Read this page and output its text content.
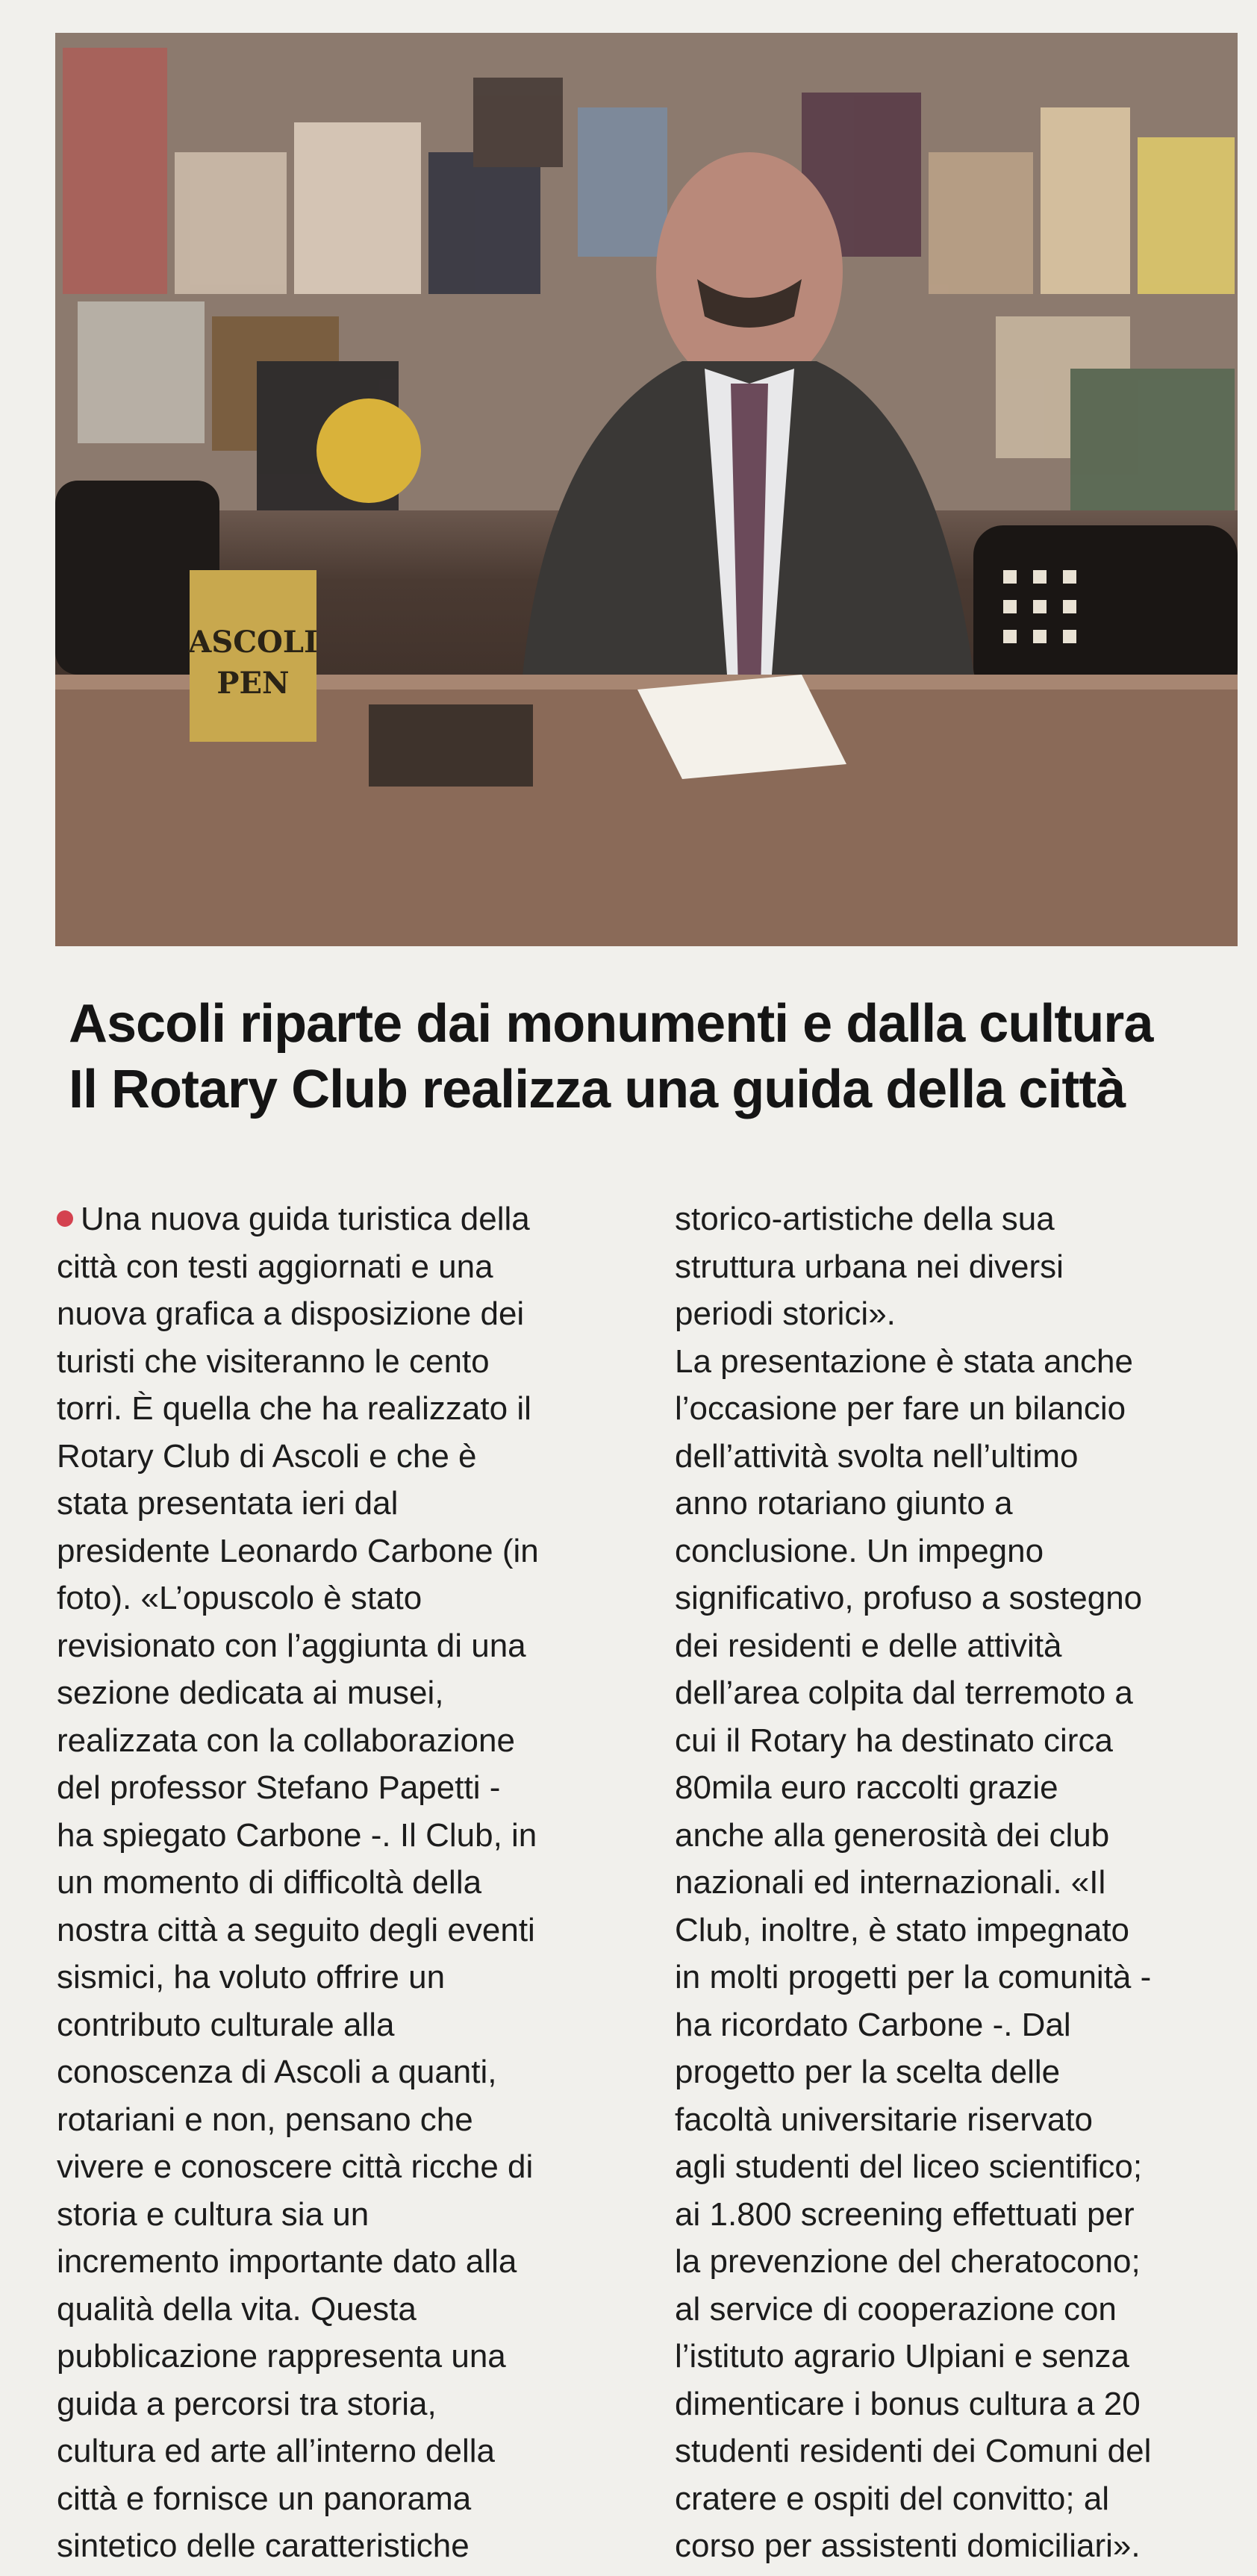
ASCOLI
PEN
Ascoli riparte dai monumenti e dalla cultura
Il Rotary Club realizza una guida della città
Una nuova guida turistica della
città con testi aggiornati e una
nuova grafica a disposizione dei
turisti che visiteranno le cento
torri. È quella che ha realizzato il
Rotary Club di Ascoli e che è
stata presentata ieri dal
presidente Leonardo Carbone (in
foto). «L’opuscolo è stato
revisionato con l’aggiunta di una
sezione dedicata ai musei,
realizzata con la collaborazione
del professor Stefano Papetti -
ha spiegato Carbone -. Il Club, in
un momento di difficoltà della
nostra città a seguito degli eventi
sismici, ha voluto offrire un
contributo culturale alla
conoscenza di Ascoli a quanti,
rotariani e non, pensano che
vivere e conoscere città ricche di
storia e cultura sia un
incremento importante dato alla
qualità della vita. Questa
pubblicazione rappresenta una
guida a percorsi tra storia,
cultura ed arte all’interno della
città e fornisce un panorama
sintetico delle caratteristiche
storico-artistiche della sua
struttura urbana nei diversi
periodi storici».
La presentazione è stata anche
l’occasione per fare un bilancio
dell’attività svolta nell’ultimo
anno rotariano giunto a
conclusione. Un impegno
significativo, profuso a sostegno
dei residenti e delle attività
dell’area colpita dal terremoto a
cui il Rotary ha destinato circa
80mila euro raccolti grazie
anche alla generosità dei club
nazionali ed internazionali. «Il
Club, inoltre, è stato impegnato
in molti progetti per la comunità -
ha ricordato Carbone -. Dal
progetto per la scelta delle
facoltà universitarie riservato
agli studenti del liceo scientifico;
ai 1.800 screening effettuati per
la prevenzione del cheratocono;
al service di cooperazione con
l’istituto agrario Ulpiani e senza
dimenticare i bonus cultura a 20
studenti residenti dei Comuni del
cratere e ospiti del convitto; al
corso per assistenti domiciliari».
